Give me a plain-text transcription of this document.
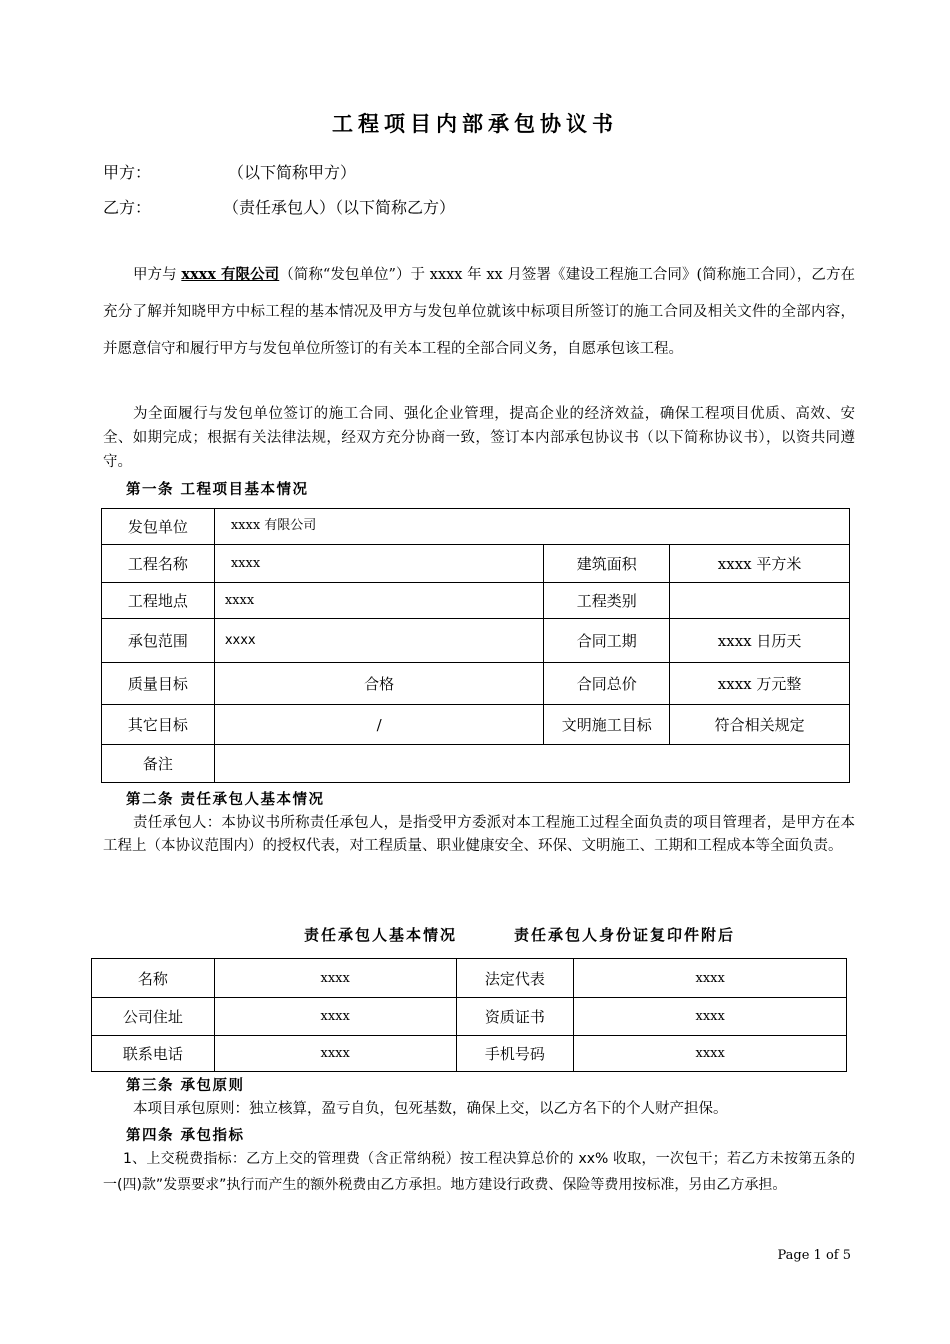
工程项目内部承包协议书
甲方：	（以下简称甲方）
乙方：	（责任承包人）（以下简称乙方）
甲方与 xxxx 有限公司（简称“发包单位”）于 xxxx 年 xx 月签署《建设工程施工合同》(简称施工合同），乙方在充分了解并知晓甲方中标工程的基本情况及甲方与发包单位就该中标项目所签订的施工合同及相关文件的全部内容，并愿意信守和履行甲方与发包单位所签订的有关本工程的全部合同义务，自愿承包该工程。
为全面履行与发包单位签订的施工合同、强化企业管理，提高企业的经济效益，确保工程项目优质、高效、安全、如期完成；根据有关法律法规，经双方充分协商一致，签订本内部承包协议书（以下简称协议书），以资共同遵守。
第一条 工程项目基本情况
发包单位	xxxx 有限公司		
工程名称	xxxx	建筑面积	xxxx 平方米
工程地点	xxxx	工程类别	
承包范围	xxxx	合同工期	xxxx 日历天
质量目标	合格	合同总价	xxxx 万元整
其它目标	/	文明施工目标	符合相关规定
备注			
第二条 责任承包人基本情况
责任承包人：本协议书所称责任承包人，是指受甲方委派对本工程施工过程全面负责的项目管理者，是甲方在本工程上（本协议范围内）的授权代表，对工程质量、职业健康安全、环保、文明施工、工期和工程成本等全面负责。
责任承包人基本情况	责任承包人身份证复印件附后
名称	xxxx	法定代表	xxxx
公司住址	xxxx	资质证书	xxxx
联系电话	xxxx	手机号码	xxxx
第三条 承包原则
本项目承包原则：独立核算，盈亏自负，包死基数，确保上交，以乙方名下的个人财产担保。
第四条 承包指标
1、上交税费指标：乙方上交的管理费（含正常纳税）按工程决算总价的 xx% 收取，一次包干；若乙方未按第五条的一(四)款”发票要求”执行而产生的额外税费由乙方承担。地方建设行政费、保险等费用按标准，另由乙方承担。
Page 1 of 5
